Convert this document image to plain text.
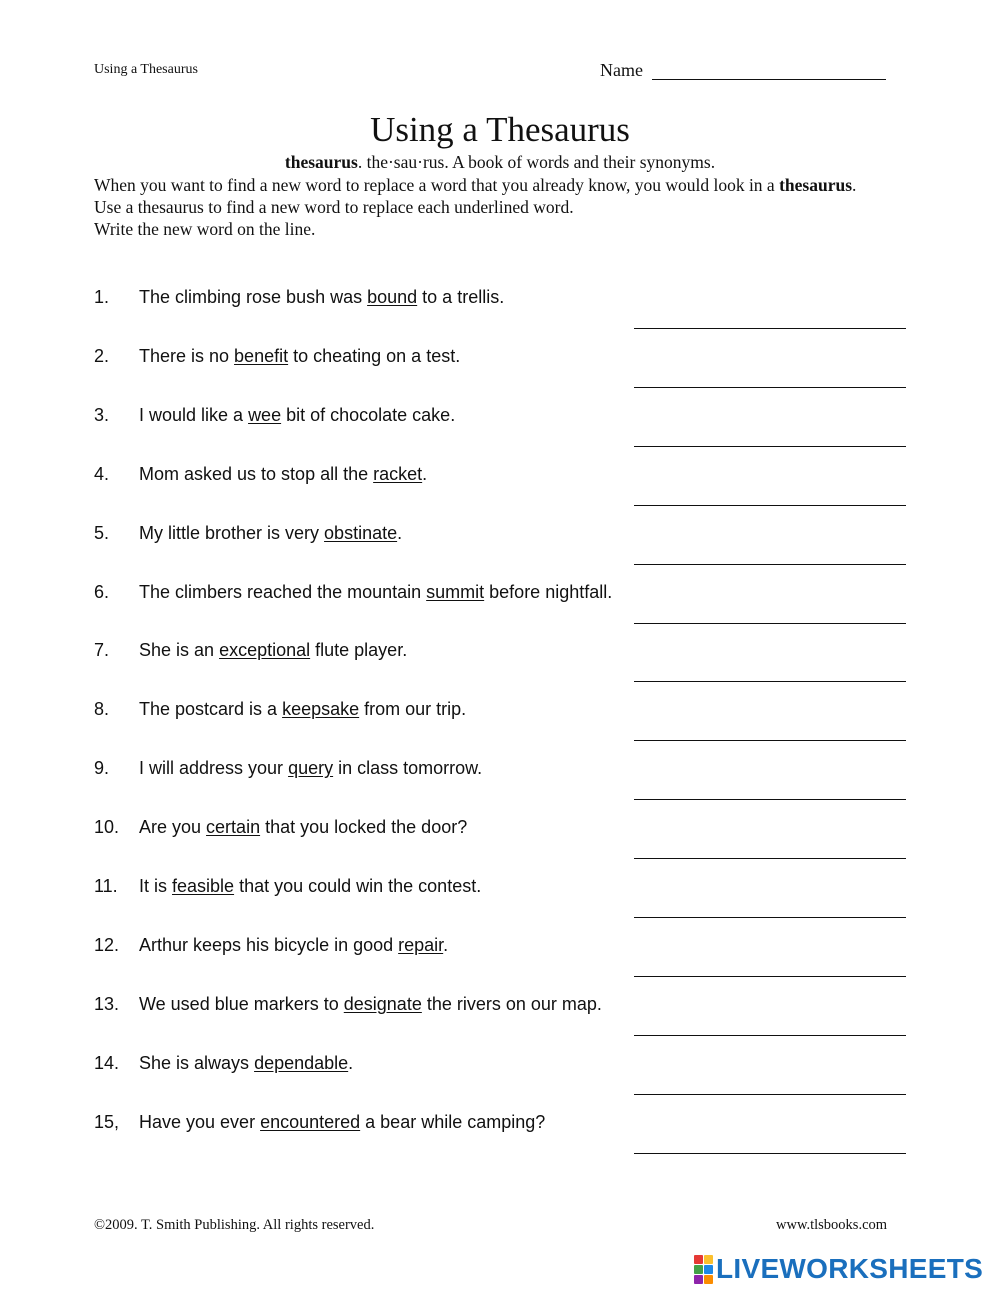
Using a Thesaurus	Name
Using a Thesaurus
thesaurus. the·sau·rus. A book of words and their synonyms.
When you want to find a new word to replace a word that you already know, you would look in a thesaurus.
Use a thesaurus to find a new word to replace each underlined word.
Write the new word on the line.
1. The climbing rose bush was bound to a trellis.
2. There is no benefit to cheating on a test.
3. I would like a wee bit of chocolate cake.
4. Mom asked us to stop all the racket.
5. My little brother is very obstinate.
6. The climbers reached the mountain summit before nightfall.
7. She is an exceptional flute player.
8. The postcard is a keepsake from our trip.
9. I will address your query in class tomorrow.
10. Are you certain that you locked the door?
11. It is feasible that you could win the contest.
12. Arthur keeps his bicycle in good repair.
13. We used blue markers to designate the rivers on our map.
14. She is always dependable.
15, Have you ever encountered a bear while camping?
©2009. T. Smith Publishing. All rights reserved.	www.tlsbooks.com
LIVEWORKSHEETS
